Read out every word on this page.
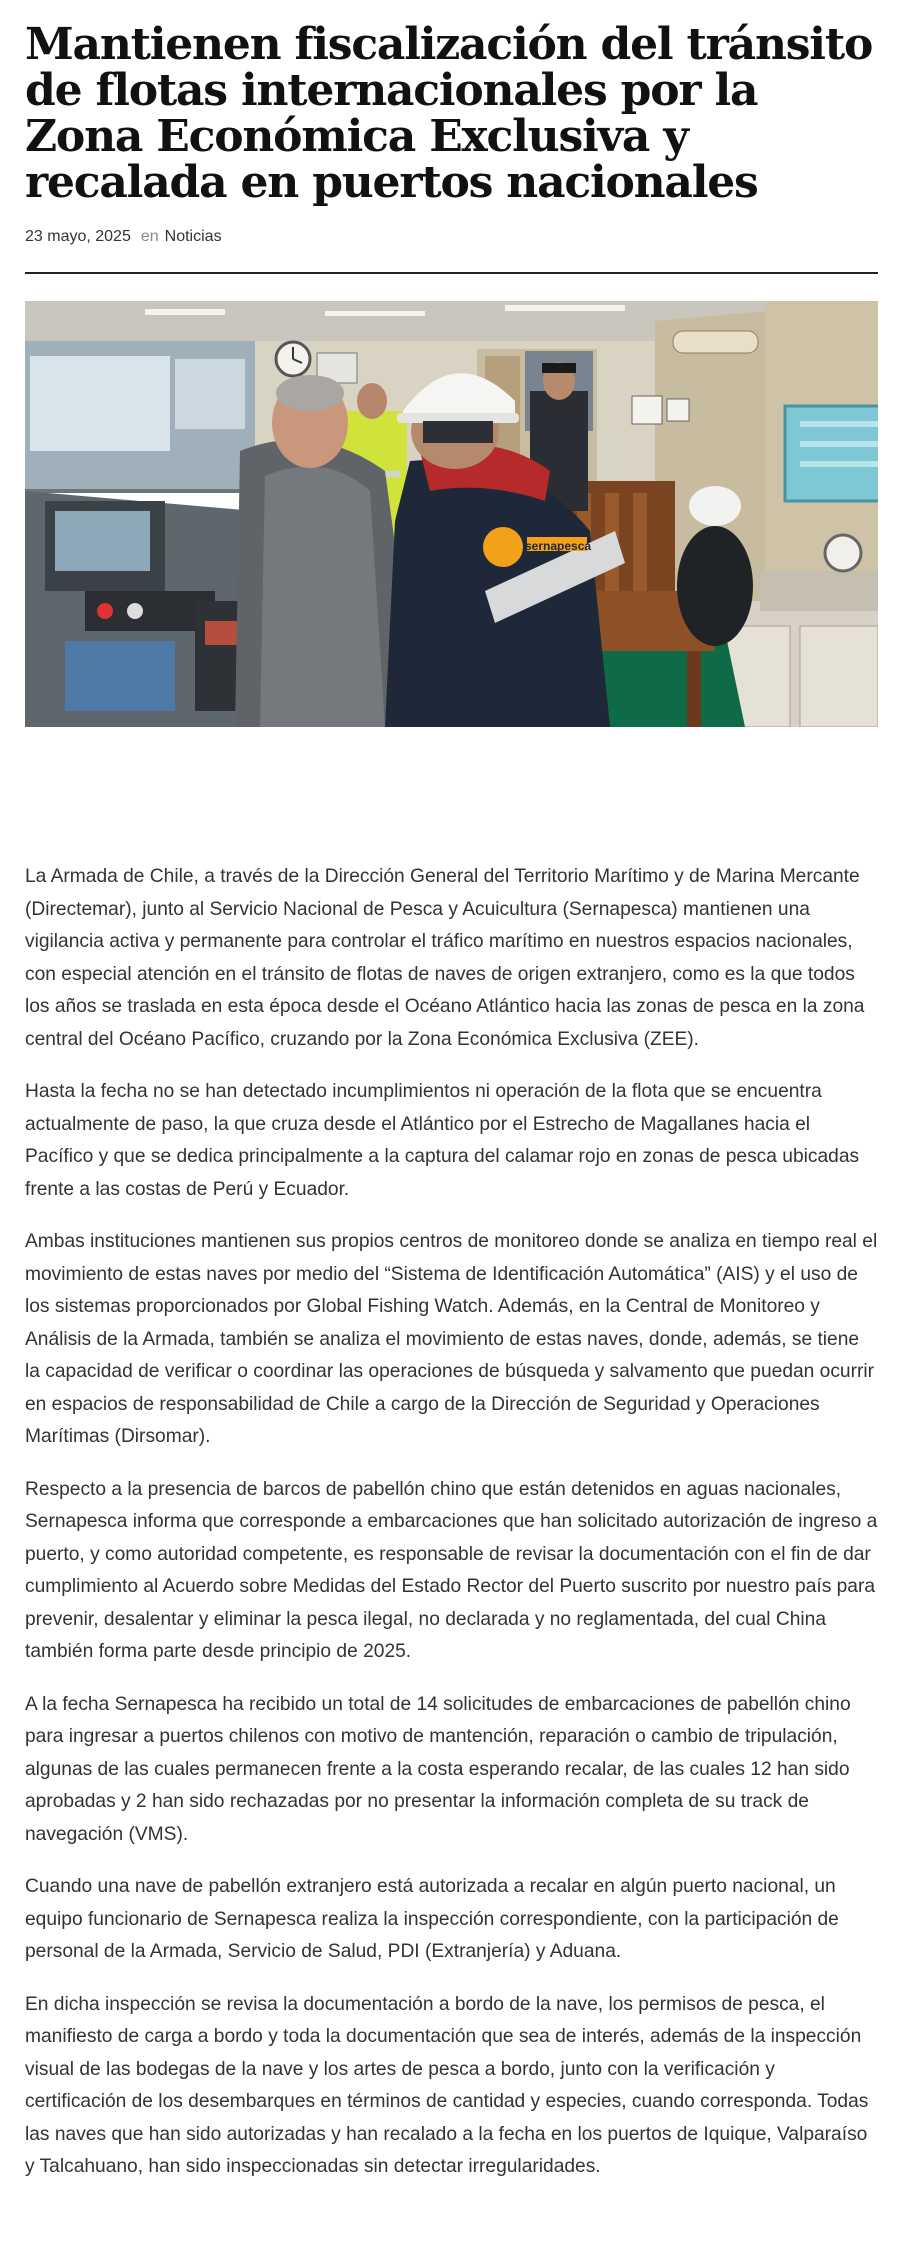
Mantienen fiscalización del tránsito de flotas internacionales por la Zona Económica Exclusiva y recalada en puertos nacionales
23 mayo, 2025 en Noticias
sernapesca

La Armada de Chile, a través de la Dirección General del Territorio Marítimo y de Marina Mercante (Directemar), junto al Servicio Nacional de Pesca y Acuicultura (Sernapesca) mantienen una vigilancia activa y permanente para controlar el tráfico marítimo en nuestros espacios nacionales, con especial atención en el tránsito de flotas de naves de origen extranjero, como es la que todos los años se traslada en esta época desde el Océano Atlántico hacia las zonas de pesca en la zona central del Océano Pacífico, cruzando por la Zona Económica Exclusiva (ZEE).

Hasta la fecha no se han detectado incumplimientos ni operación de la flota que se encuentra actualmente de paso, la que cruza desde el Atlántico por el Estrecho de Magallanes hacia el Pacífico y que se dedica principalmente a la captura del calamar rojo en zonas de pesca ubicadas frente a las costas de Perú y Ecuador.

Ambas instituciones mantienen sus propios centros de monitoreo donde se analiza en tiempo real el movimiento de estas naves por medio del “Sistema de Identificación Automática” (AIS) y el uso de los sistemas proporcionados por Global Fishing Watch. Además, en la Central de Monitoreo y Análisis de la Armada, también se analiza el movimiento de estas naves, donde, además, se tiene la capacidad de verificar o coordinar las operaciones de búsqueda y salvamento que puedan ocurrir en espacios de responsabilidad de Chile a cargo de la Dirección de Seguridad y Operaciones Marítimas (Dirsomar).

Respecto a la presencia de barcos de pabellón chino que están detenidos en aguas nacionales, Sernapesca informa que corresponde a embarcaciones que han solicitado autorización de ingreso a puerto, y como autoridad competente, es responsable de revisar la documentación con el fin de dar cumplimiento al Acuerdo sobre Medidas del Estado Rector del Puerto suscrito por nuestro país para prevenir, desalentar y eliminar la pesca ilegal, no declarada y no reglamentada, del cual China también forma parte desde principio de 2025.

A la fecha Sernapesca ha recibido un total de 14 solicitudes de embarcaciones de pabellón chino para ingresar a puertos chilenos con motivo de mantención, reparación o cambio de tripulación, algunas de las cuales permanecen frente a la costa esperando recalar, de las cuales 12 han sido aprobadas y 2 han sido rechazadas por no presentar la información completa de su track de navegación (VMS).

Cuando una nave de pabellón extranjero está autorizada a recalar en algún puerto nacional, un equipo funcionario de Sernapesca realiza la inspección correspondiente, con la participación de personal de la Armada, Servicio de Salud, PDI (Extranjería) y Aduana.

En dicha inspección se revisa la documentación a bordo de la nave, los permisos de pesca, el manifiesto de carga a bordo y toda la documentación que sea de interés, además de la inspección visual de las bodegas de la nave y los artes de pesca a bordo, junto con la verificación y certificación de los desembarques en términos de cantidad y especies, cuando corresponda. Todas las naves que han sido autorizadas y han recalado a la fecha en los puertos de Iquique, Valparaíso y Talcahuano, han sido inspeccionadas sin detectar irregularidades.
